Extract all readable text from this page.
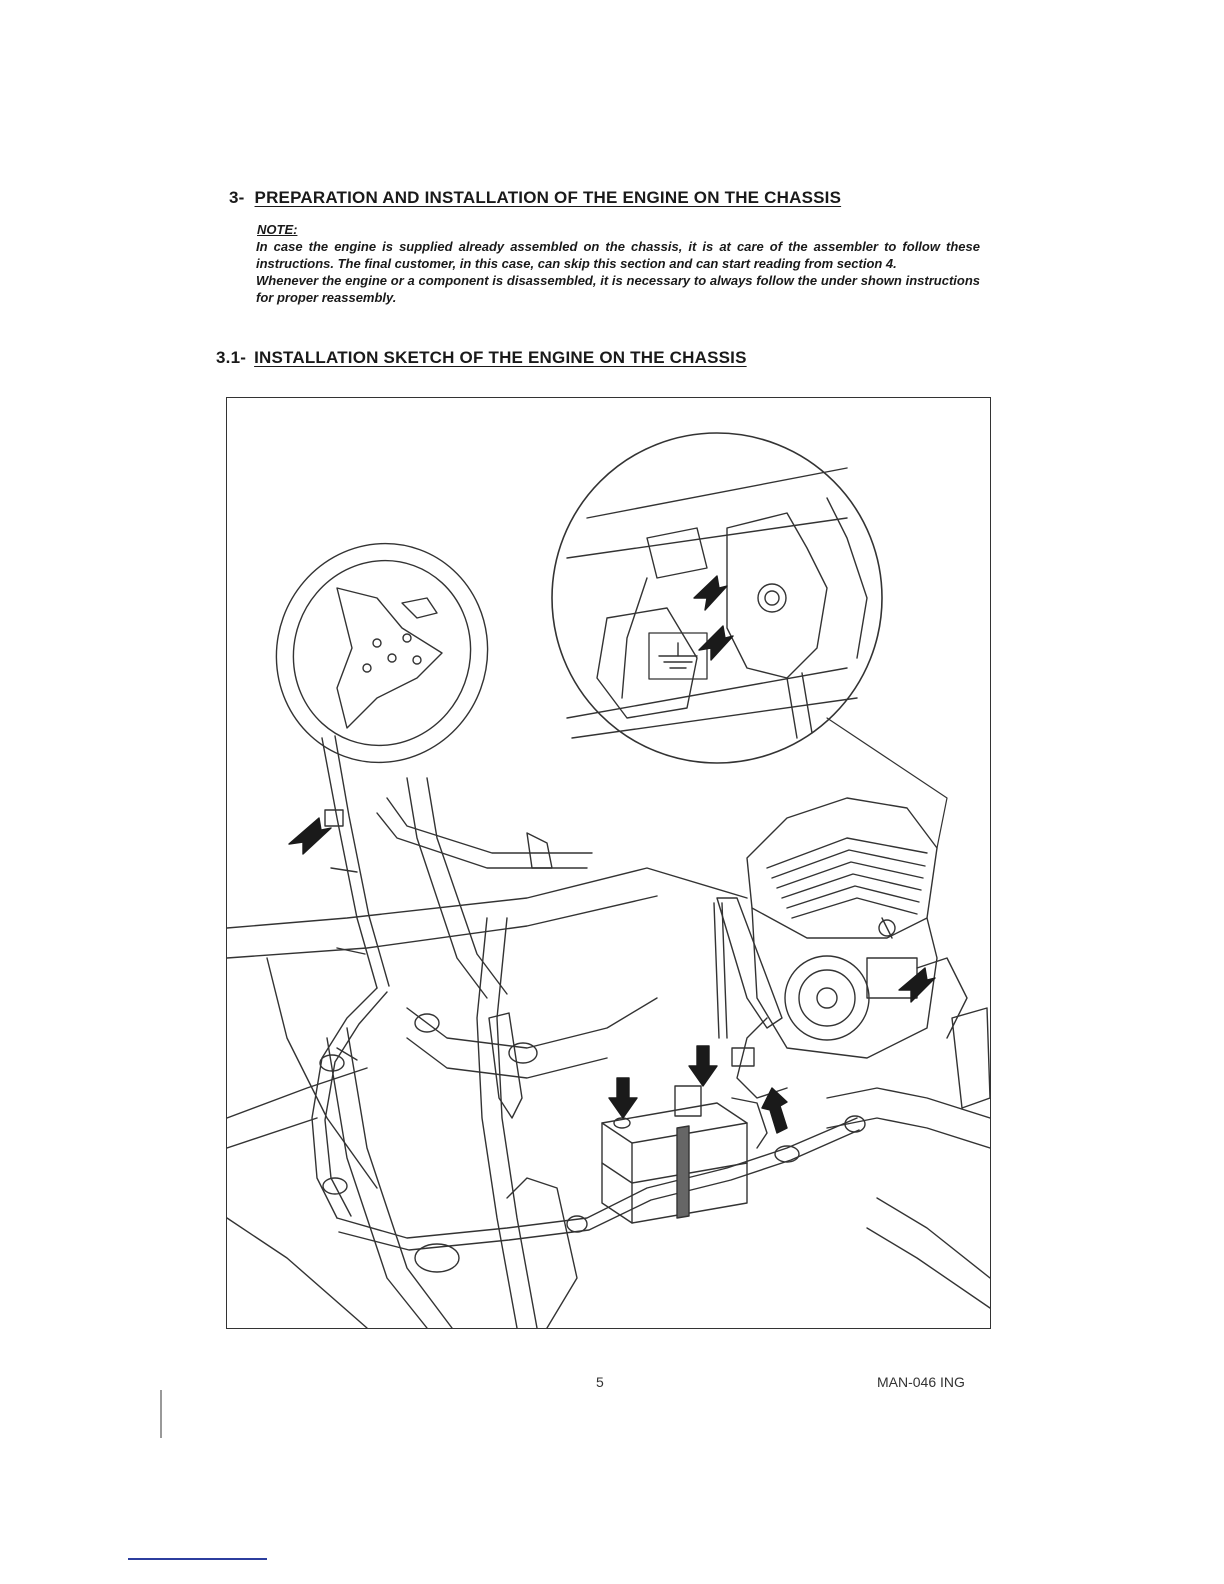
3- PREPARATION AND INSTALLATION OF THE ENGINE ON THE CHASSIS
NOTE:

In case the engine is supplied already assembled on the chassis, it is at care of the assembler to follow these instructions. The final customer, in this case, can skip this section and can start reading from section 4.

Whenever the engine or a component is disassembled, it is necessary to always follow the under shown instructions for proper reassembly.

3.1- INSTALLATION SKETCH OF THE ENGINE ON THE CHASSIS
5	MAN-046 ING
